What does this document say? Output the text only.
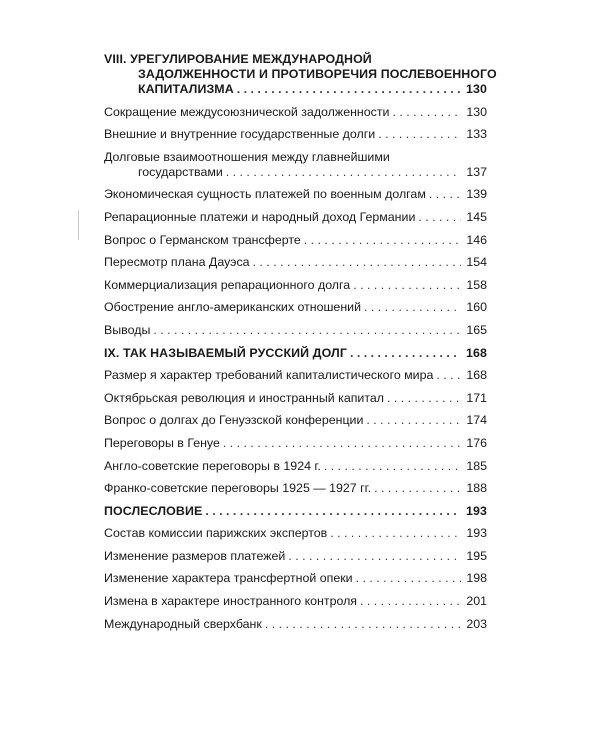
VIII. УРЕГУЛИРОВАНИЕ МЕЖДУНАРОДНОЙ
ЗАДОЛЖЕННОСТИ И ПРОТИВОРЕЧИЯ ПОСЛЕВОЕННОГО
КАПИТАЛИЗМА . . .	130
Сокращение междусоюзнической задолженности . . .	130
Внешние и внутренние государственные долги . . .	133
Долговые взаимоотношения между главнейшими
государствами . . .	137
Экономическая сущность платежей по военным долгам . . .	139
Репарационные платежи и народный доход Германии . . .	145
Вопрос о Германском трансферте . . .	146
Пересмотр плана Дауэса . . .	154
Коммерциализация репарационного долга . . .	158
Обострение англо-американских отношений . . .	160
Выводы . . .	165
IX. ТАК НАЗЫВАЕМЫЙ РУССКИЙ ДОЛГ . . .	168
Размер я характер требований капиталистического мира . . .	168
Октябрьская революция и иностранный капитал . . .	171
Вопрос о долгах до Генуэзской конференции . . .	174
Переговоры в Генуе . . .	176
Англо-советские переговоры в 1924 г. . . .	185
Франко-советские переговоры 1925 — 1927 гг. . . .	188
ПОСЛЕСЛОВИЕ . . .	193
Состав комиссии парижских экспертов . . .	193
Изменение размеров платежей . . .	195
Изменение характера трансфертной опеки . . .	198
Измена в характере иностранного контроля . . .	201
Международный сверхбанк . . .	203
